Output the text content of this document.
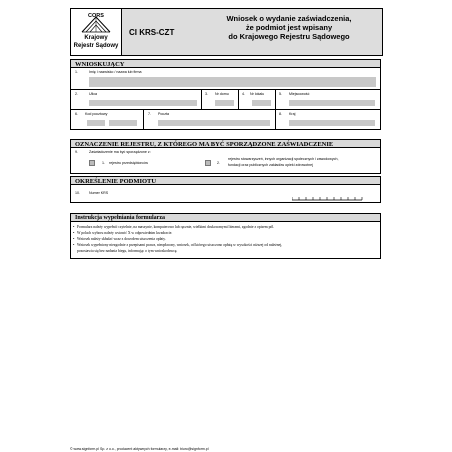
CORS
Krajowy
Rejestr Sądowy
CI KRS-CZT
Wniosek o wydanie zaświadczenia,
że podmiot jest wpisany
do Krajowego Rejestru Sądowego
WNIOSKUJĄCY
1.	Imię i nazwisko / nazwa lub firma
2.	Ulica	3. Nr domu	4. Nr lokalu	5. Miejscowość
6. Kod pocztowy	7. Poczta	8. Kraj
OZNACZENIE REJESTRU, Z KTÓREGO MA BYĆ SPORZĄDZONE ZAŚWIADCZENIE
9.	Zaświadczenie ma być sporządzone z:
1. rejestru przedsiębiorców	2.
rejestru stowarzyszeń, innych organizacji społecznych i zawodowych,
fundacji oraz publicznych zakładów opieki zdrowotnej
OKREŚLENIE PODMIOTU
10.	Numer KRS
Instrukcja wypełniania formularza
• Formularz należy wypełnić czytelnie, na maszynie, komputerowo lub ręcznie, wielkimi drukowanymi literami, zgodnie z opisem pól.
• W polach wyboru należy wstawić X w odpowiednim kwadracie.
• Wniosek należy składać wraz z dowodem uiszczenia opłaty.
• Wniosek wypełniony niezgodnie z przepisami prawa, nieopłacony, wniosek, od którego uiszczono opłatę w wysokości niższej od należnej,
pozostawia się bez nadania biegu, informując o tym wnioskodawcę.
© www.signform.pl Sp. z o.o., producent aktywnych formularzy, e-mail: biuro@signform.pl
